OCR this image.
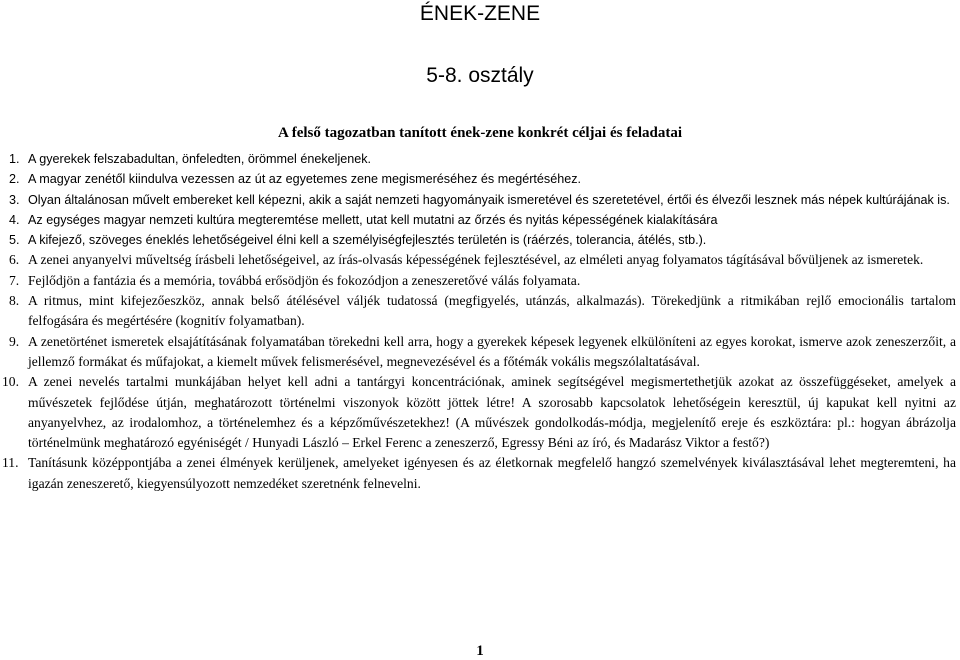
ÉNEK-ZENE
5-8. osztály
A felső tagozatban tanított ének-zene konkrét céljai és feladatai
1. A gyerekek felszabadultan, önfeledten, örömmel énekeljenek.
2. A magyar zenétől kiindulva vezessen az út az egyetemes zene megismeréséhez és megértéséhez.
3. Olyan általánosan művelt embereket kell képezni, akik a saját nemzeti hagyományaik ismeretével és szeretetével, értői és élvezői lesznek más népek kultúrájának is.
4. Az egységes magyar nemzeti kultúra megteremtése mellett, utat kell mutatni az őrzés és nyitás képességének kialakítására
5. A kifejező, szöveges éneklés lehetőségeivel élni kell a személyiségfejlesztés területén is (ráérzés, tolerancia, átélés, stb.).
6. A zenei anyanyelvi műveltség írásbeli lehetőségeivel, az írás-olvasás képességének fejlesztésével, az elméleti anyag folyamatos tágításával bővüljenek az ismeretek.
7. Fejlődjön a fantázia és a memória, továbbá erősödjön és fokozódjon a zeneszeretővé válás folyamata.
8. A ritmus, mint kifejezőeszköz, annak belső átélésével váljék tudatossá (megfigyelés, utánzás, alkalmazás). Törekedjünk a ritmikában rejlő emocionális tartalom felfogására és megértésére (kognitív folyamatban).
9. A zenetörténet ismeretek elsajátításának folyamatában törekedni kell arra, hogy a gyerekek képesek legyenek elkülöníteni az egyes korokat, ismerve azok zeneszerzőit, a jellemző formákat és műfajokat, a kiemelt művek felismerésével, megnevezésével és a főtémák vokális megszólaltatásával.
10. A zenei nevelés tartalmi munkájában helyet kell adni a tantárgyi koncentrációnak, aminek segítségével megismertethetjük azokat az összefüggéseket, amelyek a művészetek fejlődése útján, meghatározott történelmi viszonyok között jöttek létre! A szorosabb kapcsolatok lehetőségein keresztül, új kapukat kell nyitni az anyanyelvhez, az irodalomhoz, a történelemhez és a képzőművészetekhez! (A művészek gondolkodás-módja, megjelenítő ereje és eszköztára: pl.: hogyan ábrázolja történelmünk meghatározó egyéniségét / Hunyadi László – Erkel Ferenc a zeneszerző, Egressy Béni az író, és Madarász Viktor a festő?)
11. Tanításunk középpontjába a zenei élmények kerüljenek, amelyeket igényesen és az életkornak megfelelő hangzó szemelvények kiválasztásával lehet megteremteni, ha igazán zeneszerető, kiegyensúlyozott nemzedéket szeretnénk felnevelni.
1
